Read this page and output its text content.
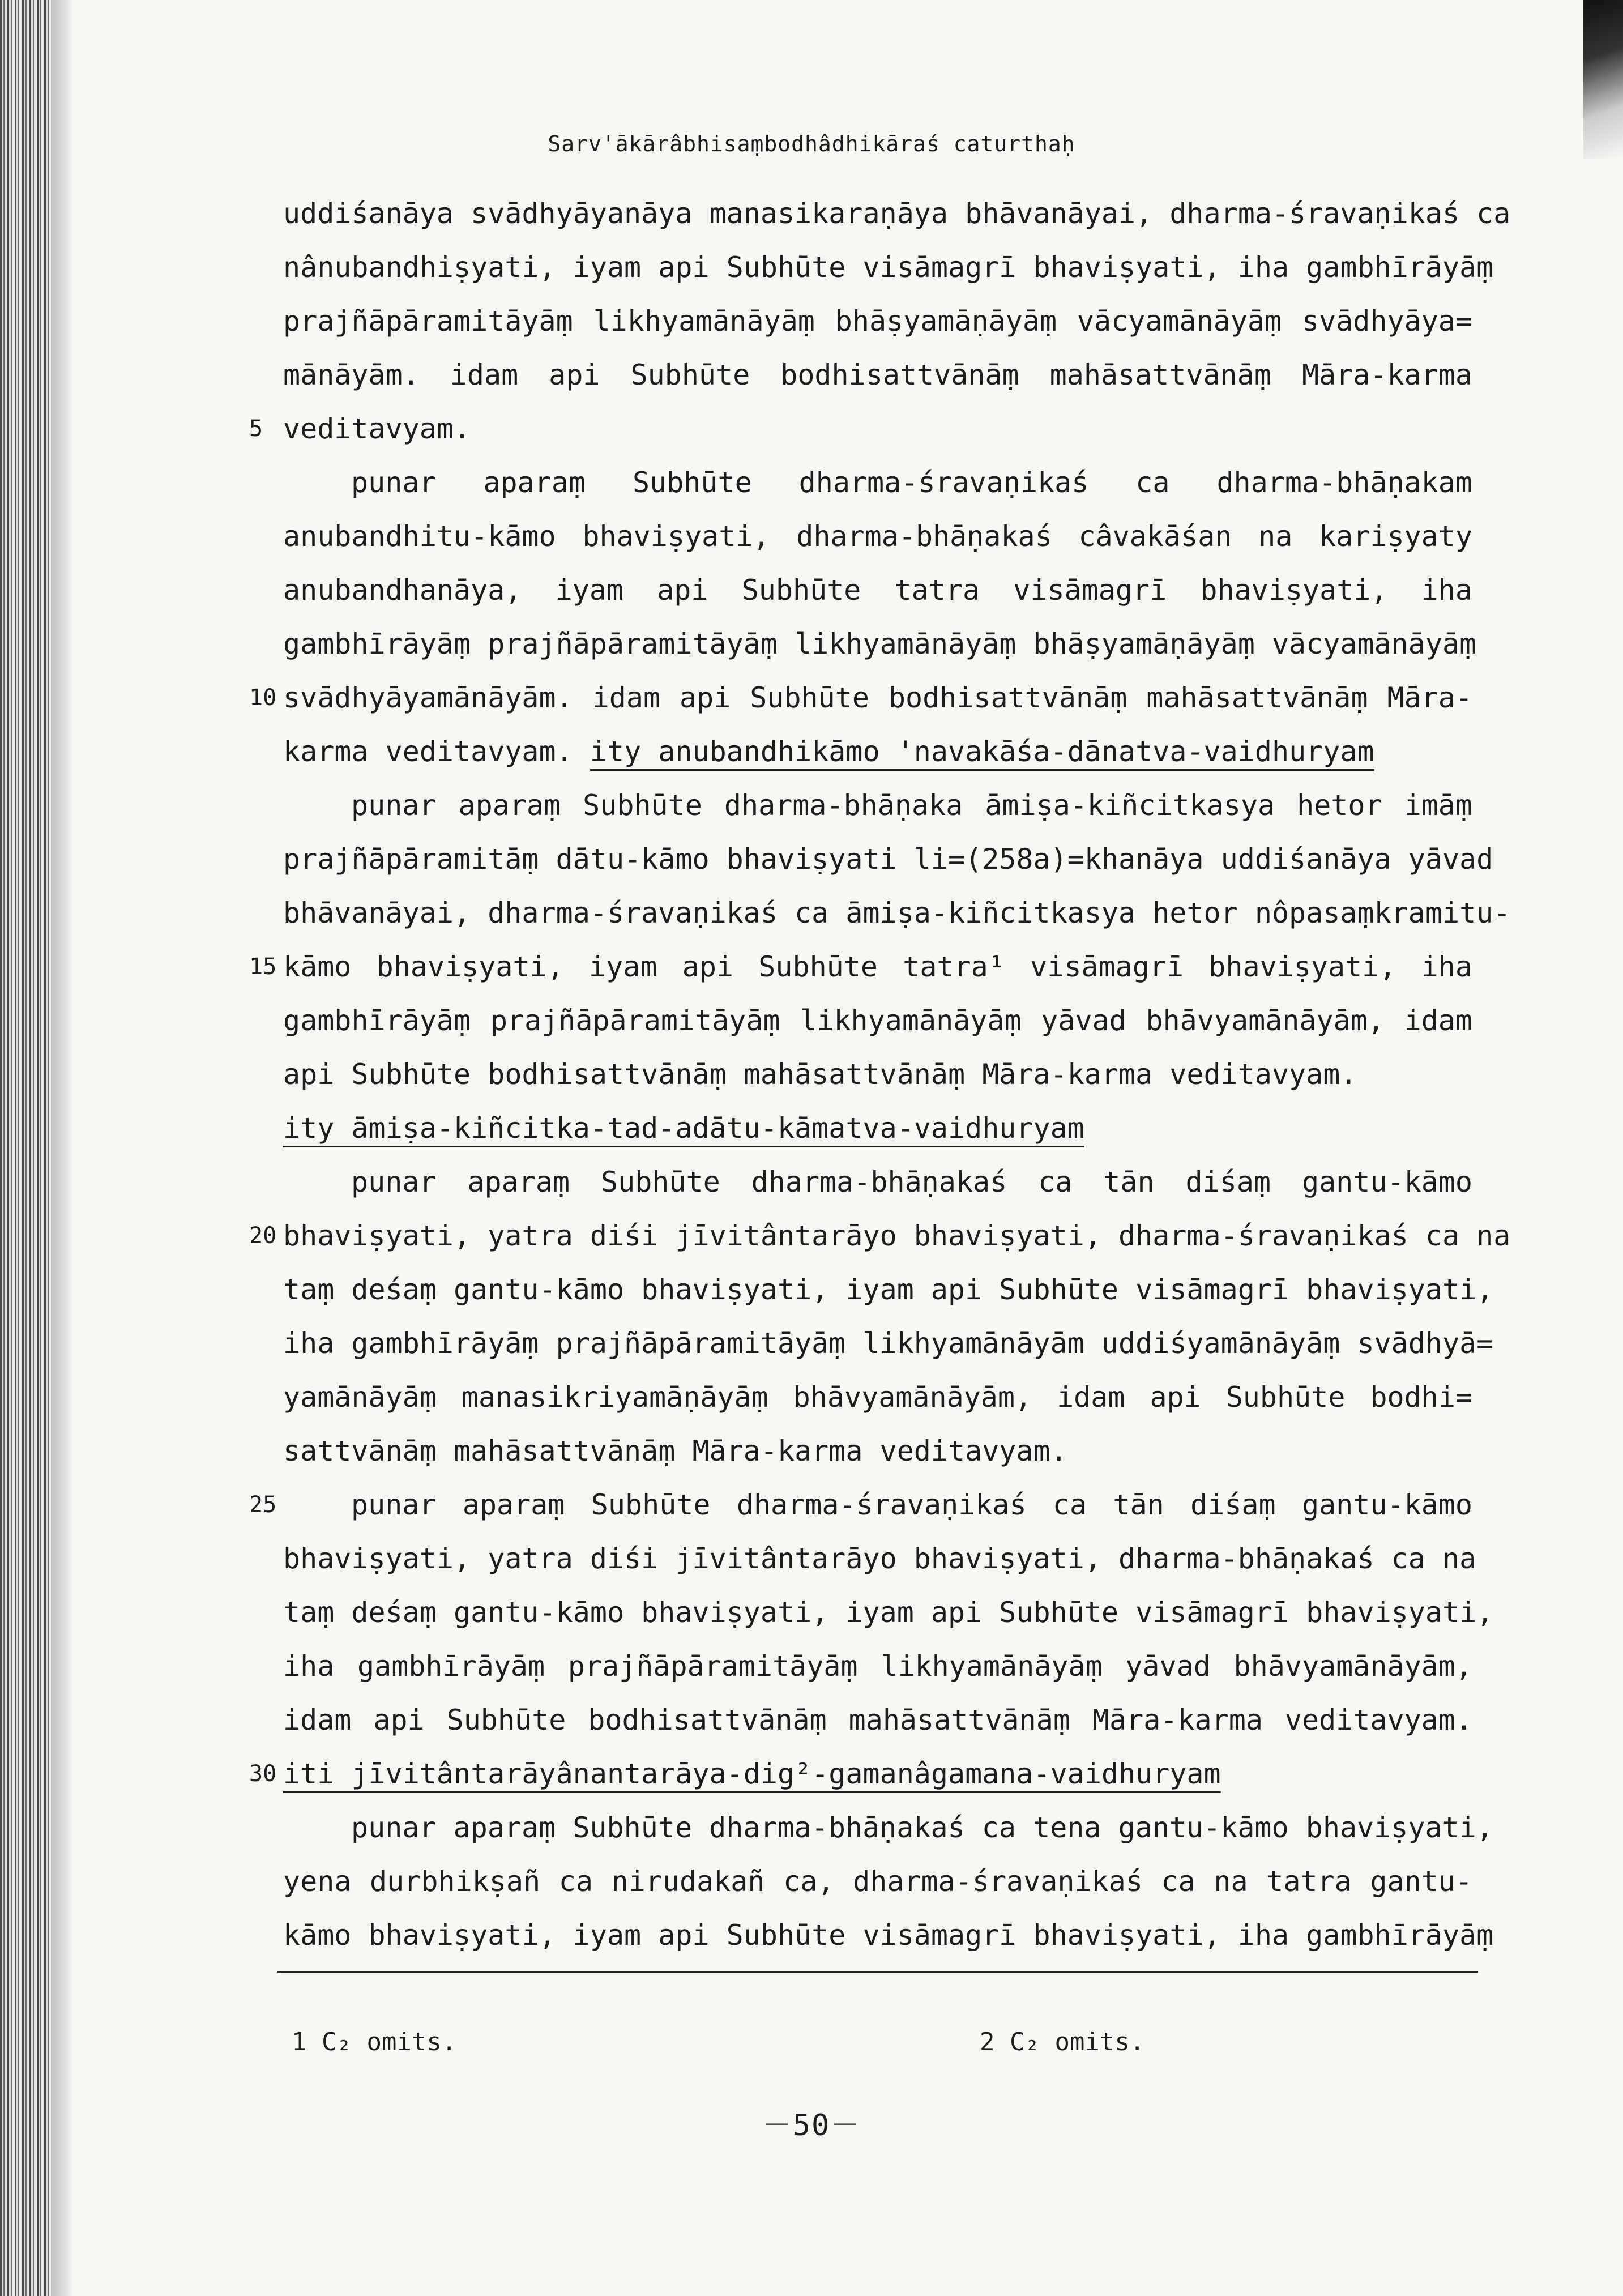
Sarv'ākārâbhisaṃbodhâdhikāraś caturthaḥ
uddiśanāya svādhyāyanāya manasikaraṇāya bhāvanāyai, dharma-śravaṇikaś ca
nânubandhiṣyati, iyam api Subhūte visāmagrī bhaviṣyati, iha gambhīrāyāṃ
prajñāpāramitāyāṃ likhyamānāyāṃ bhāṣyamāṇāyāṃ vācyamānāyāṃ svādhyāya=
mānāyām. idam api Subhūte bodhisattvānāṃ mahāsattvānāṃ Māra-karma
5 veditavyam.
punar aparaṃ Subhūte dharma-śravaṇikaś ca dharma-bhāṇakam
anubandhitu-kāmo bhaviṣyati, dharma-bhāṇakaś câvakāśan na kariṣyaty
anubandhanāya, iyam api Subhūte tatra visāmagrī bhaviṣyati, iha
gambhīrāyāṃ prajñāpāramitāyāṃ likhyamānāyāṃ bhāṣyamāṇāyāṃ vācyamānāyāṃ
10 svādhyāyamānāyām. idam api Subhūte bodhisattvānāṃ mahāsattvānāṃ Māra-
karma veditavyam. ity anubandhikāmo 'navakāśa-dānatva-vaidhuryam
punar aparaṃ Subhūte dharma-bhāṇaka āmiṣa-kiñcitkasya hetor imāṃ
prajñāpāramitāṃ dātu-kāmo bhaviṣyati li=(258a)=khanāya uddiśanāya yāvad
bhāvanāyai, dharma-śravaṇikaś ca āmiṣa-kiñcitkasya hetor nôpasaṃkramitu-
15 kāmo bhaviṣyati, iyam api Subhūte tatra¹ visāmagrī bhaviṣyati, iha
gambhīrāyāṃ prajñāpāramitāyāṃ likhyamānāyāṃ yāvad bhāvyamānāyām, idam
api Subhūte bodhisattvānāṃ mahāsattvānāṃ Māra-karma veditavyam.
ity āmiṣa-kiñcitka-tad-adātu-kāmatva-vaidhuryam
punar aparaṃ Subhūte dharma-bhāṇakaś ca tān diśaṃ gantu-kāmo
20 bhaviṣyati, yatra diśi jīvitântarāyo bhaviṣyati, dharma-śravaṇikaś ca na
taṃ deśaṃ gantu-kāmo bhaviṣyati, iyam api Subhūte visāmagrī bhaviṣyati,
iha gambhīrāyāṃ prajñāpāramitāyāṃ likhyamānāyām uddiśyamānāyāṃ svādhyā=
yamānāyāṃ manasikriyamāṇāyāṃ bhāvyamānāyām, idam api Subhūte bodhi=
sattvānāṃ mahāsattvānāṃ Māra-karma veditavyam.
25	punar aparaṃ Subhūte dharma-śravaṇikaś ca tān diśaṃ gantu-kāmo
bhaviṣyati, yatra diśi jīvitântarāyo bhaviṣyati, dharma-bhāṇakaś ca na
taṃ deśaṃ gantu-kāmo bhaviṣyati, iyam api Subhūte visāmagrī bhaviṣyati,
iha gambhīrāyāṃ prajñāpāramitāyāṃ likhyamānāyāṃ yāvad bhāvyamānāyām,
idam api Subhūte bodhisattvānāṃ mahāsattvānāṃ Māra-karma veditavyam.
30 iti jīvitântarāyânantarāya-dig²-gamanâgamana-vaidhuryam
punar aparaṃ Subhūte dharma-bhāṇakaś ca tena gantu-kāmo bhaviṣyati,
yena durbhikṣañ ca nirudakañ ca, dharma-śravaṇikaś ca na tatra gantu-
kāmo bhaviṣyati, iyam api Subhūte visāmagrī bhaviṣyati, iha gambhīrāyāṃ
1 C₂ omits.	2 C₂ omits.
－50－
